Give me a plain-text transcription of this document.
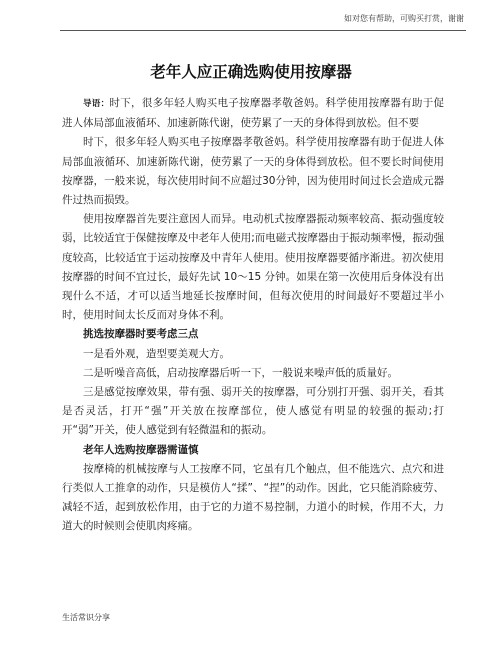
如对您有帮助，可购买打赏，谢谢
老年人应正确选购使用按摩器

导语：时下，很多年轻人购买电子按摩器孝敬爸妈。科学使用按摩器有助于促进人体局部血液循环、加速新陈代谢，使劳累了一天的身体得到放松。但不要

时下，很多年轻人购买电子按摩器孝敬爸妈。科学使用按摩器有助于促进人体局部血液循环、加速新陈代谢，使劳累了一天的身体得到放松。但不要长时间使用按摩器，一般来说，每次使用时间不应超过30分钟，因为使用时间过长会造成元器件过热而损毁。

使用按摩器首先要注意因人而异。电动机式按摩器振动频率较高、振动强度较弱，比较适宜于保健按摩及中老年人使用;而电磁式按摩器由于振动频率慢，振动强度较高，比较适宜于运动按摩及中青年人使用。使用按摩器要循序渐进。初次使用按摩器的时间不宜过长，最好先试 10～15 分钟。如果在第一次使用后身体没有出 现什么不适，才可以适当地延长按摩时间，但每次使用的时间最好不要超过半小时，使用时间太长反而对身体不利。

挑选按摩器时要考虑三点

一是看外观，造型要美观大方。

二是听噪音高低，启动按摩器后听一下，一般说来噪声低的质量好。

三是感觉按摩效果，带有强、弱开关的按摩器，可分别打开强、弱开关，看其是否灵活，打开“强”开关放在按摩部位，使人感觉有明显的较强的振动;打开“弱”开关，使人感觉到有轻微温和的振动。

老年人选购按摩器需谨慎

按摩椅的机械按摩与人工按摩不同，它虽有几个触点，但不能选穴、点穴和进行类似人工推拿的动作，只是模仿人“揉”、“捏”的动作。因此，它只能消除疲劳、减轻不适，起到放松作用，由于它的力道不易控制，力道小的时候，作用不大，力道大的时候则会使肌肉疼痛。

生活常识分享
